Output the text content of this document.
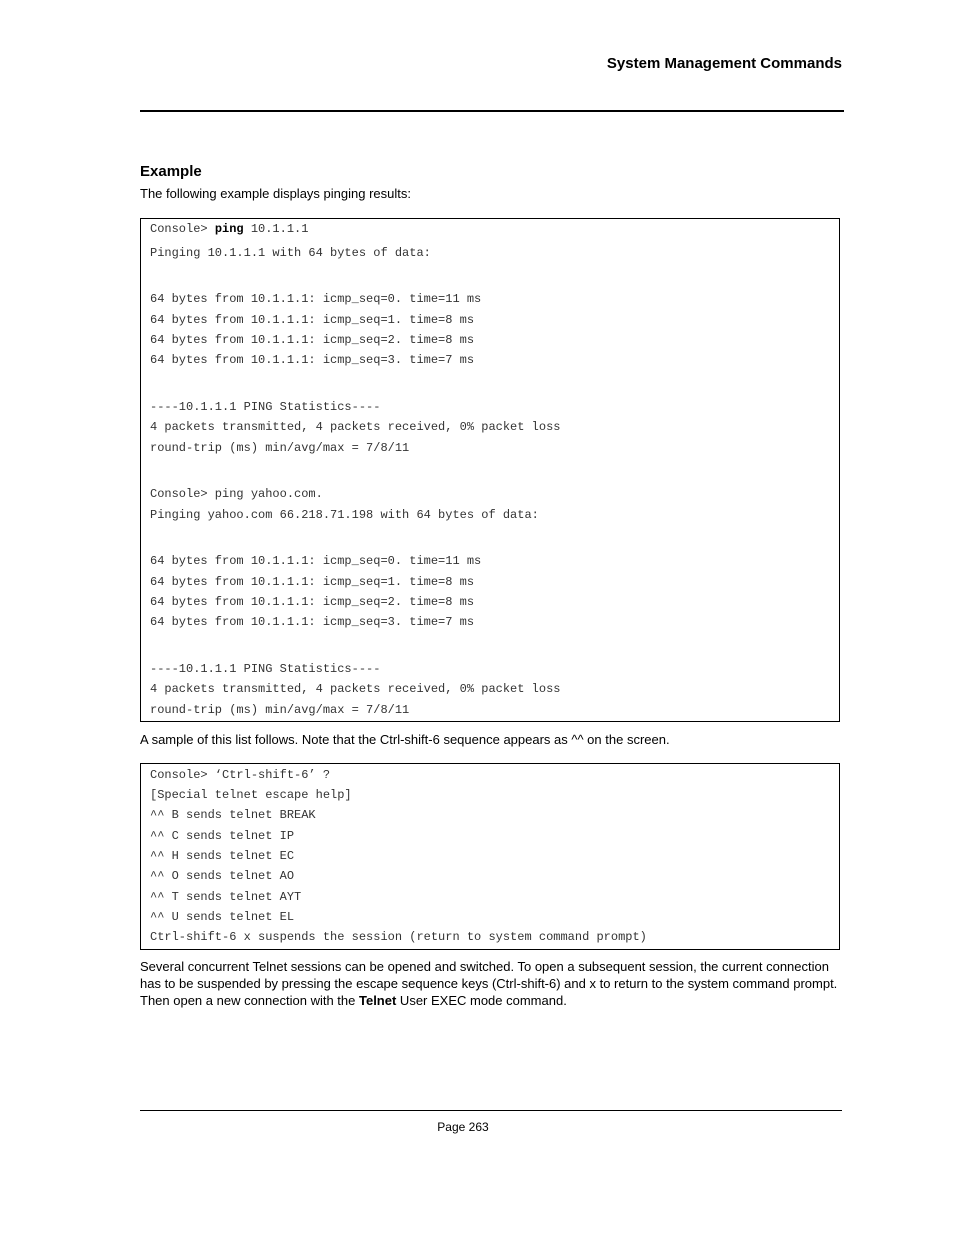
System Management Commands
Example
The following example displays pinging results:
Console> ping 10.1.1.1
Pinging 10.1.1.1 with 64 bytes of data:
64 bytes from 10.1.1.1: icmp_seq=0. time=11 ms
64 bytes from 10.1.1.1: icmp_seq=1. time=8 ms
64 bytes from 10.1.1.1: icmp_seq=2. time=8 ms
64 bytes from 10.1.1.1: icmp_seq=3. time=7 ms
----10.1.1.1 PING Statistics----
4 packets transmitted, 4 packets received, 0% packet loss
round-trip (ms) min/avg/max = 7/8/11
Console> ping yahoo.com.
Pinging yahoo.com 66.218.71.198 with 64 bytes of data:
64 bytes from 10.1.1.1: icmp_seq=0. time=11 ms
64 bytes from 10.1.1.1: icmp_seq=1. time=8 ms
64 bytes from 10.1.1.1: icmp_seq=2. time=8 ms
64 bytes from 10.1.1.1: icmp_seq=3. time=7 ms
----10.1.1.1 PING Statistics----
4 packets transmitted, 4 packets received, 0% packet loss
round-trip (ms) min/avg/max = 7/8/11
A sample of this list follows. Note that the Ctrl-shift-6 sequence appears as ^^ on the screen.
Console> ‘Ctrl-shift-6’ ?
[Special telnet escape help]
^^ B sends telnet BREAK
^^ C sends telnet IP
^^ H sends telnet EC
^^ O sends telnet AO
^^ T sends telnet AYT
^^ U sends telnet EL
Ctrl-shift-6 x suspends the session (return to system command prompt)
Several concurrent Telnet sessions can be opened and switched. To open a subsequent session, the current connection has to be suspended by pressing the escape sequence keys (Ctrl-shift-6) and x to return to the system command prompt. Then open a new connection with the Telnet User EXEC mode command.
Page 263
